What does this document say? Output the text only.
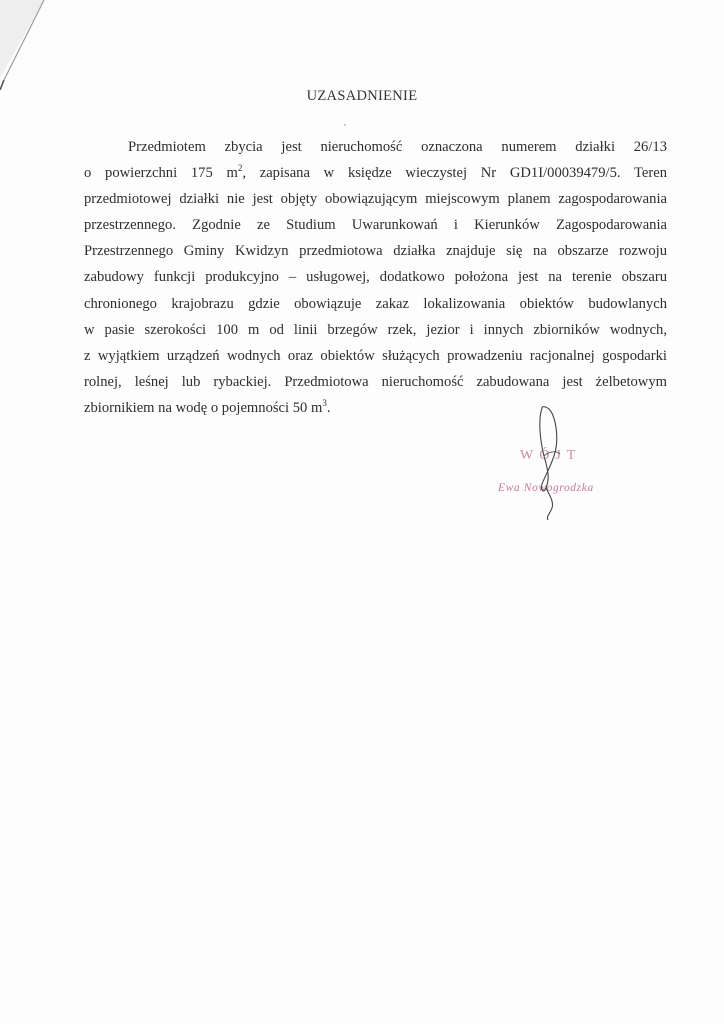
UZASADNIENIE
Przedmiotem zbycia jest nieruchomość oznaczona numerem działki 26/13
o powierzchni 175 $m^2$, zapisana w księdze wieczystej Nr GD1I/00039479/5. Teren
przedmiotowej działki nie jest objęty obowiązującym miejscowym planem zagospodarowania
przestrzennego. Zgodnie ze Studium Uwarunkowań i Kierunków Zagospodarowania
Przestrzennego Gminy Kwidzyn przedmiotowa działka znajduje się na obszarze rozwoju
zabudowy funkcji produkcyjno – usługowej, dodatkowo położona jest na terenie obszaru
chronionego krajobrazu gdzie obowiązuje zakaz lokalizowania obiektów budowlanych
w pasie szerokości 100 m od linii brzegów rzek, jezior i innych zbiorników wodnych,
z wyjątkiem urządzeń wodnych oraz obiektów służących prowadzeniu racjonalnej gospodarki
rolnej, leśnej lub rybackiej. Przedmiotowa nieruchomość zabudowana jest żelbetowym
zbiornikiem na wodę o pojemności 50 $m^3$.
WÓJT
Ewa Nowogrodzka
